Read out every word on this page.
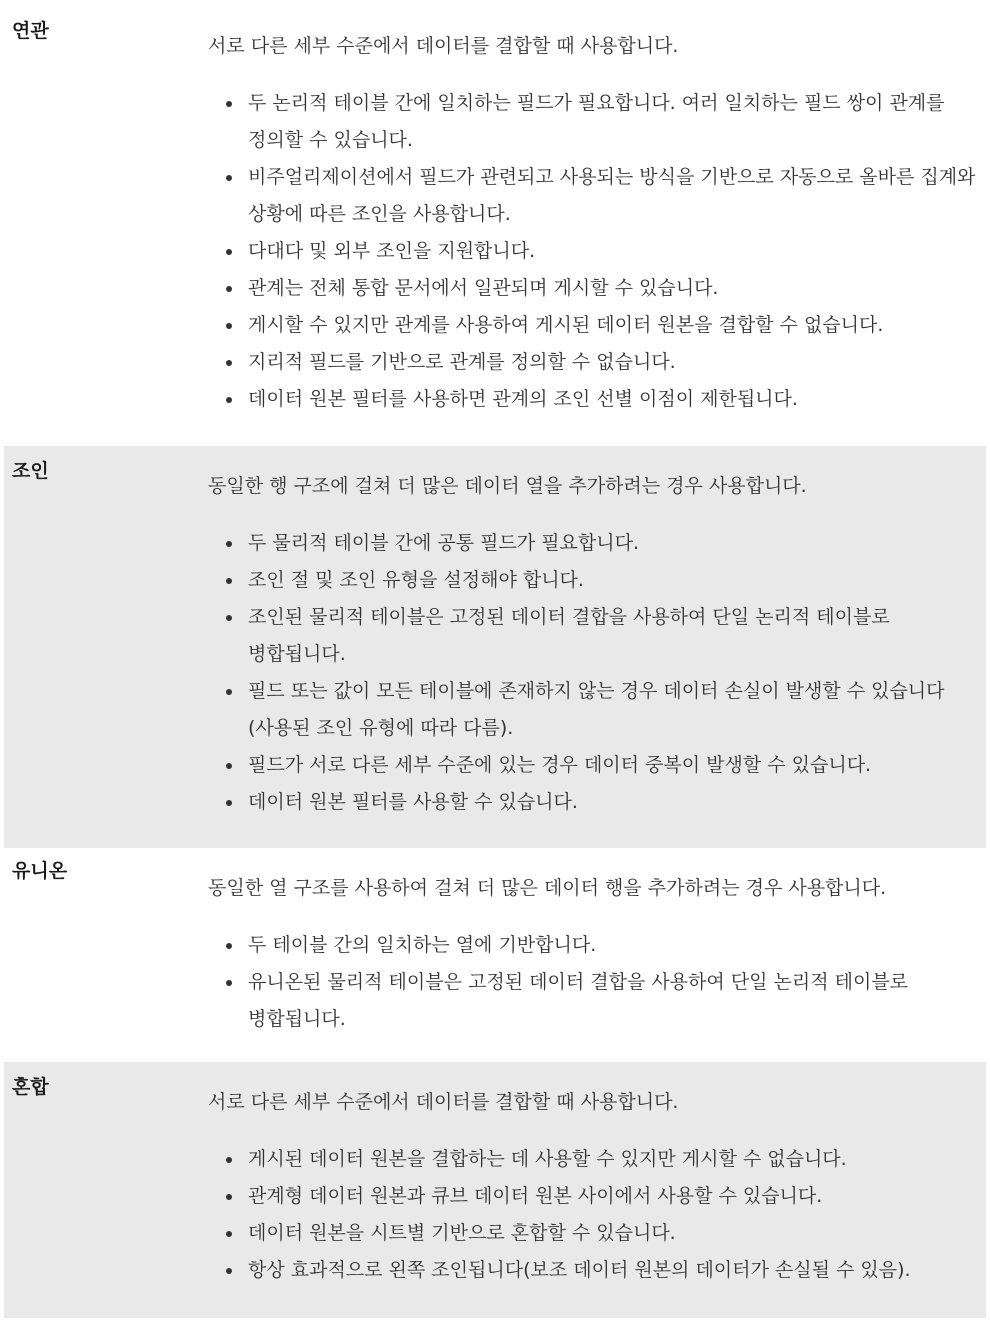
연관
서로 다른 세부 수준에서 데이터를 결합할 때 사용합니다.
두 논리적 테이블 간에 일치하는 필드가 필요합니다. 여러 일치하는 필드 쌍이 관계를 정의할 수 있습니다.
비주얼리제이션에서 필드가 관련되고 사용되는 방식을 기반으로 자동으로 올바른 집계와 상황에 따른 조인을 사용합니다.
다대다 및 외부 조인을 지원합니다.
관계는 전체 통합 문서에서 일관되며 게시할 수 있습니다.
게시할 수 있지만 관계를 사용하여 게시된 데이터 원본을 결합할 수 없습니다.
지리적 필드를 기반으로 관계를 정의할 수 없습니다.
데이터 원본 필터를 사용하면 관계의 조인 선별 이점이 제한됩니다.
조인
동일한 행 구조에 걸쳐 더 많은 데이터 열을 추가하려는 경우 사용합니다.
두 물리적 테이블 간에 공통 필드가 필요합니다.
조인 절 및 조인 유형을 설정해야 합니다.
조인된 물리적 테이블은 고정된 데이터 결합을 사용하여 단일 논리적 테이블로 병합됩니다.
필드 또는 값이 모든 테이블에 존재하지 않는 경우 데이터 손실이 발생할 수 있습니다 (사용된 조인 유형에 따라 다름).
필드가 서로 다른 세부 수준에 있는 경우 데이터 중복이 발생할 수 있습니다.
데이터 원본 필터를 사용할 수 있습니다.
유니온
동일한 열 구조를 사용하여 걸쳐 더 많은 데이터 행을 추가하려는 경우 사용합니다.
두 테이블 간의 일치하는 열에 기반합니다.
유니온된 물리적 테이블은 고정된 데이터 결합을 사용하여 단일 논리적 테이블로 병합됩니다.
혼합
서로 다른 세부 수준에서 데이터를 결합할 때 사용합니다.
게시된 데이터 원본을 결합하는 데 사용할 수 있지만 게시할 수 없습니다.
관계형 데이터 원본과 큐브 데이터 원본 사이에서 사용할 수 있습니다.
데이터 원본을 시트별 기반으로 혼합할 수 있습니다.
항상 효과적으로 왼쪽 조인됩니다(보조 데이터 원본의 데이터가 손실될 수 있음).
